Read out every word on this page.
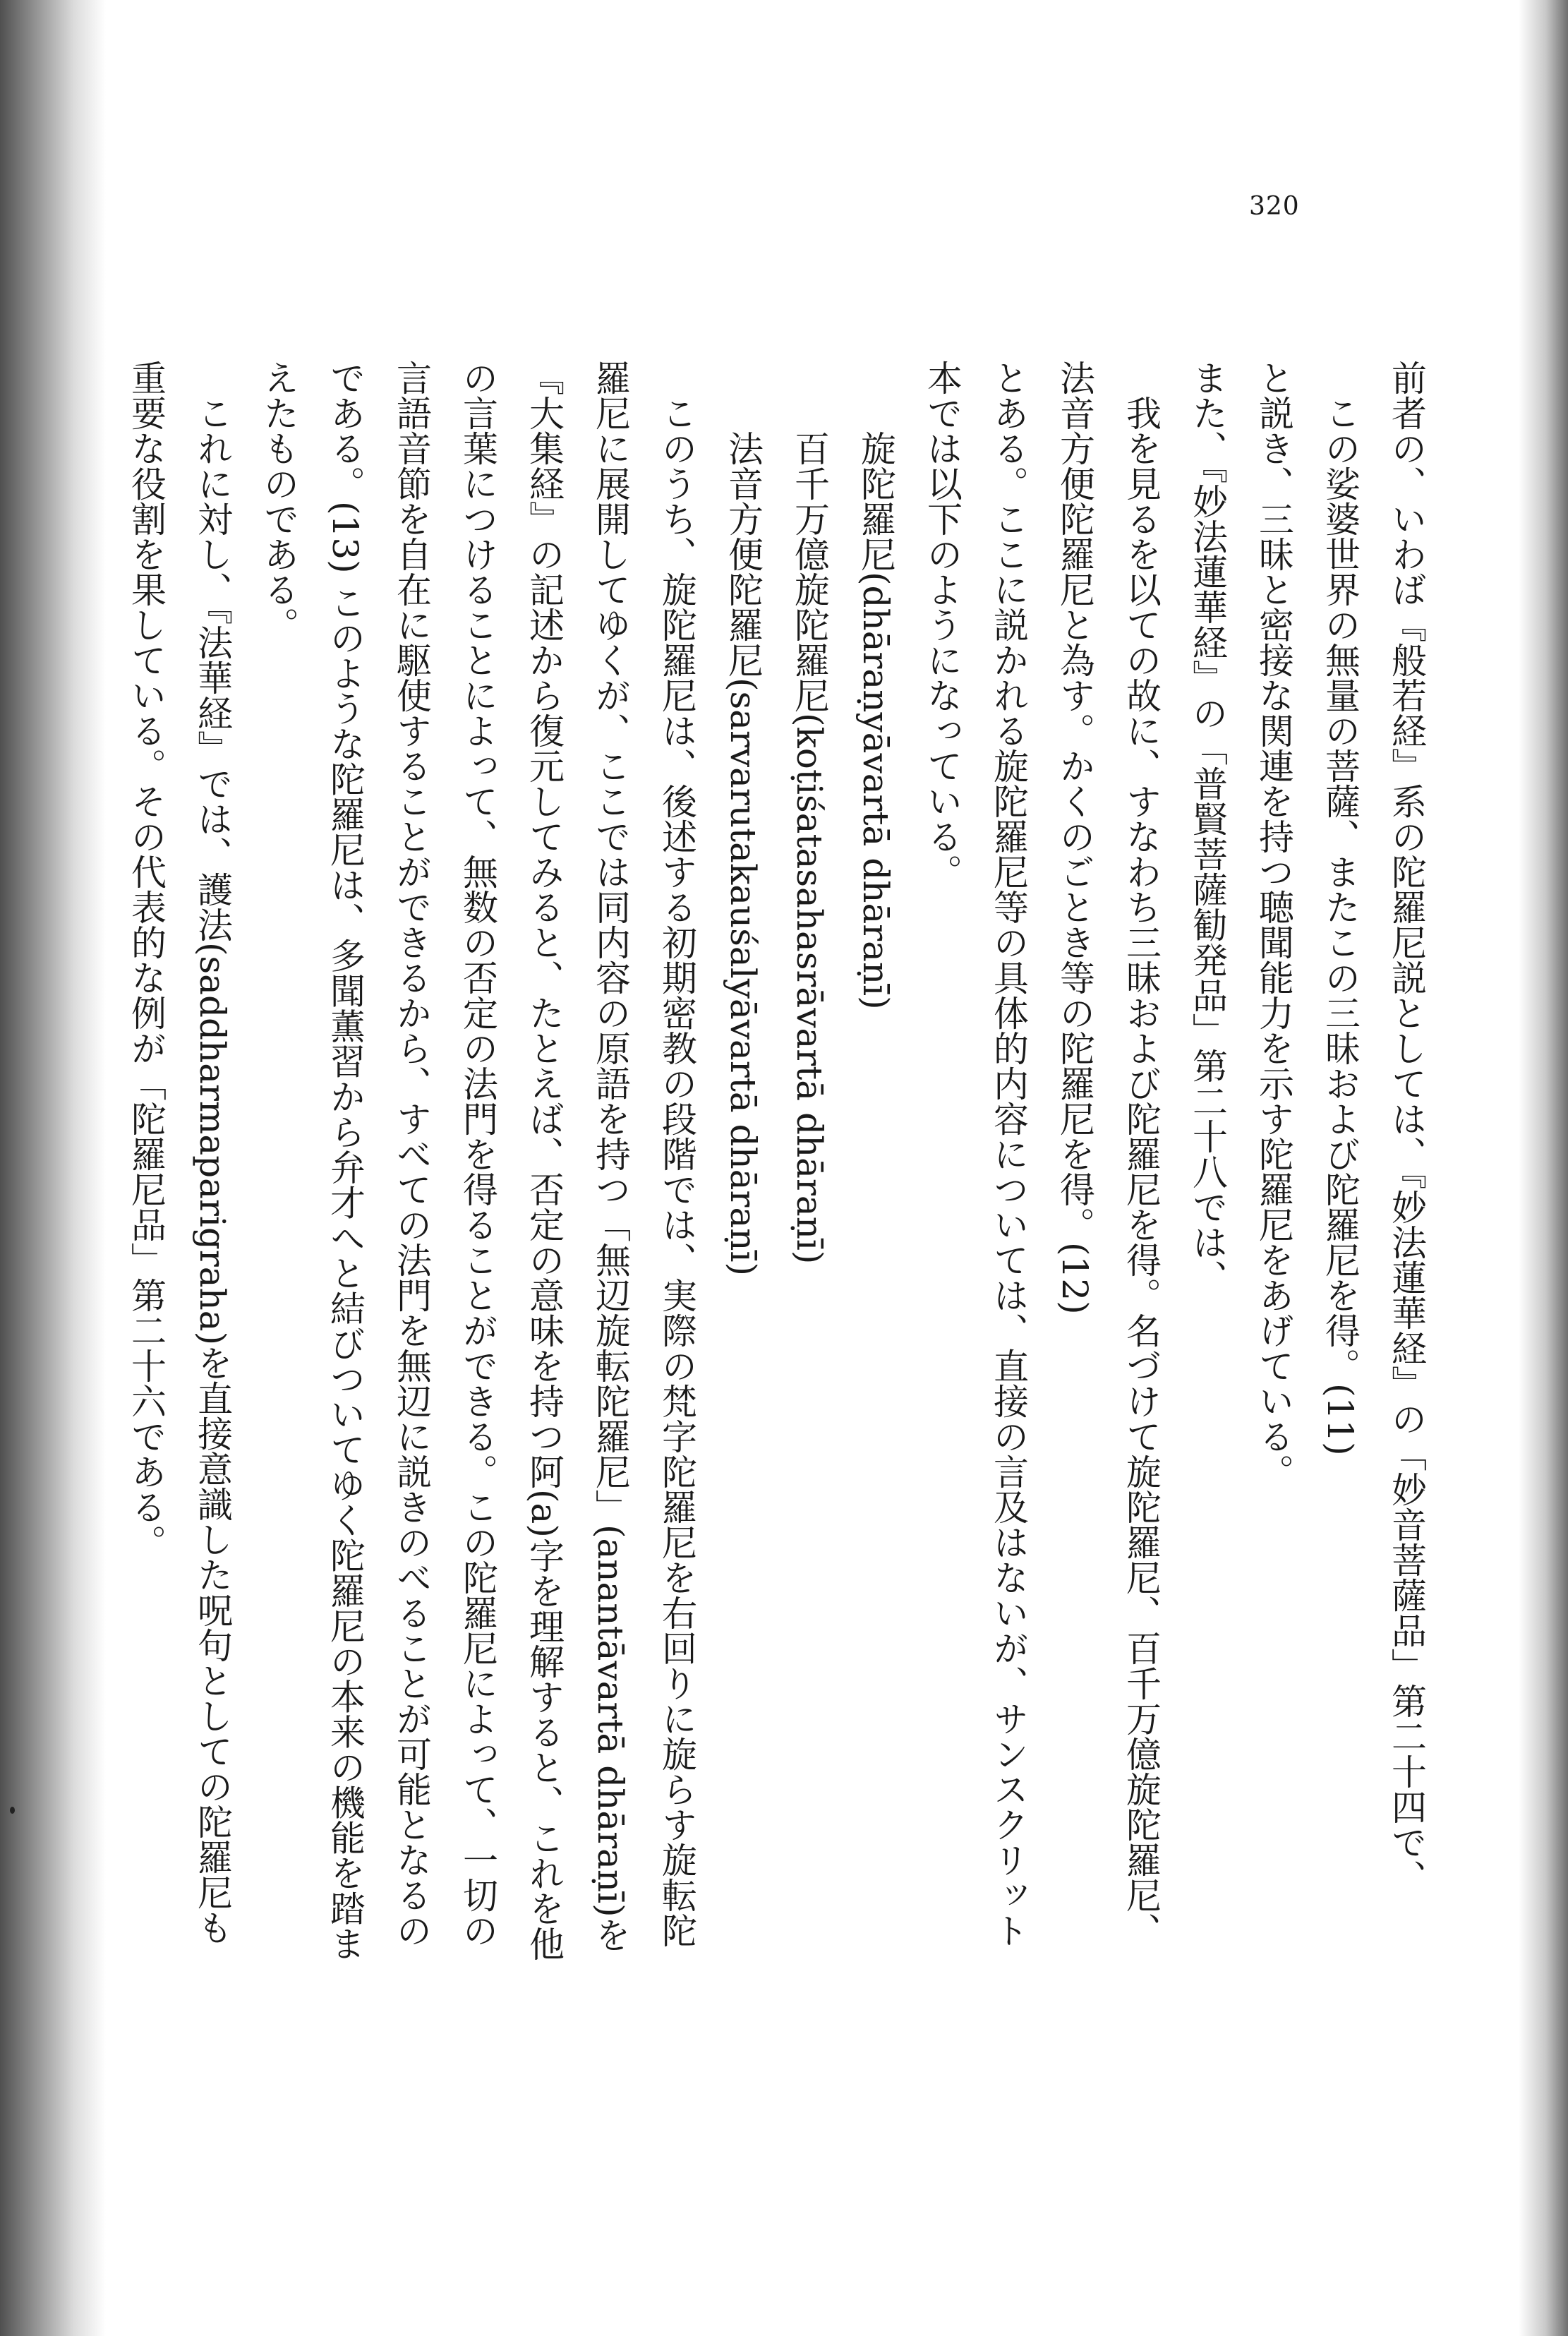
320

前者の、いわば『般若経』系の陀羅尼説としては、『妙法蓮華経』の「妙音菩薩品」第二十四で、

この娑婆世界の無量の菩薩、またこの三昧および陀羅尼を得。(11)

と説き、三昧と密接な関連を持つ聴聞能力を示す陀羅尼をあげている。

また、『妙法蓮華経』の「普賢菩薩勧発品」第二十八では、

我を見るを以ての故に、すなわち三昧および陀羅尼を得。名づけて旋陀羅尼、百千万億旋陀羅尼、法音方便陀羅尼と為す。かくのごとき等の陀羅尼を得。(12)

とある。ここに説かれる旋陀羅尼等の具体的内容については、直接の言及はないが、サンスクリット本では以下のようになっている。

旋陀羅尼(dhāraṇyāvartā dhāraṇī)

百千万億旋陀羅尼(koṭiśatasahasrāvartā dhāraṇī)

法音方便陀羅尼(sarvarutakauśalyāvartā dhāraṇī)

このうち、旋陀羅尼は、後述する初期密教の段階では、実際の梵字陀羅尼を右回りに旋らす旋転陀羅尼に展開してゆくが、ここでは同内容の原語を持つ「無辺旋転陀羅尼」(anantāvartā dhāraṇī)を『大集経』の記述から復元してみると、たとえば、否定の意味を持つ阿(a)字を理解すると、これを他の言葉につけることによって、無数の否定の法門を得ることができる。この陀羅尼によって、一切の言語音節を自在に駆使することができるから、すべての法門を無辺に説きのべることが可能となるのである。(13) このような陀羅尼は、多聞薫習から弁才へと結びついてゆく陀羅尼の本来の機能を踏まえたものである。

これに対し、『法華経』では、護法(saddharmaparigraha)を直接意識した呪句としての陀羅尼も重要な役割を果している。その代表的な例が「陀羅尼品」第二十六である。
